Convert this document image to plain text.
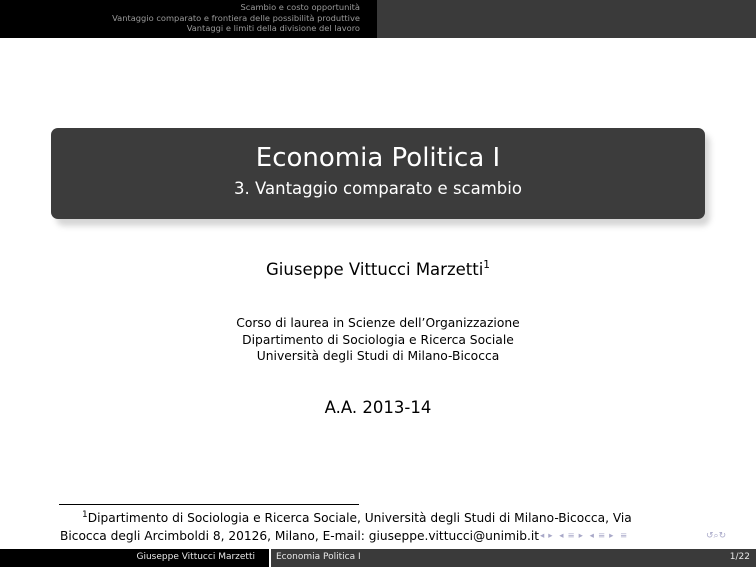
Scambio e costo opportunità
Vantaggio comparato e frontiera delle possibilità produttive
Vantaggi e limiti della divisione del lavoro
Economia Politica I
3. Vantaggio comparato e scambio
Giuseppe Vittucci Marzetti$^1$
Corso di laurea in Scienze dell’Organizzazione
Dipartimento di Sociologia e Ricerca Sociale
Università degli Studi di Milano-Bicocca
A.A. 2013-14
$^1$Dipartimento di Sociologia e Ricerca Sociale, Università degli Studi di Milano-Bicocca, Via
Bicocca degli Arcimboldi 8, 20126, Milano, E-mail: giuseppe.vittucci@unimib.it ◂ ▸ ◂ ≡ ▸ ◂ ≡ ▸ ≡	↺⌕↻
Giuseppe Vittucci Marzetti Economia Politica I	1/22
